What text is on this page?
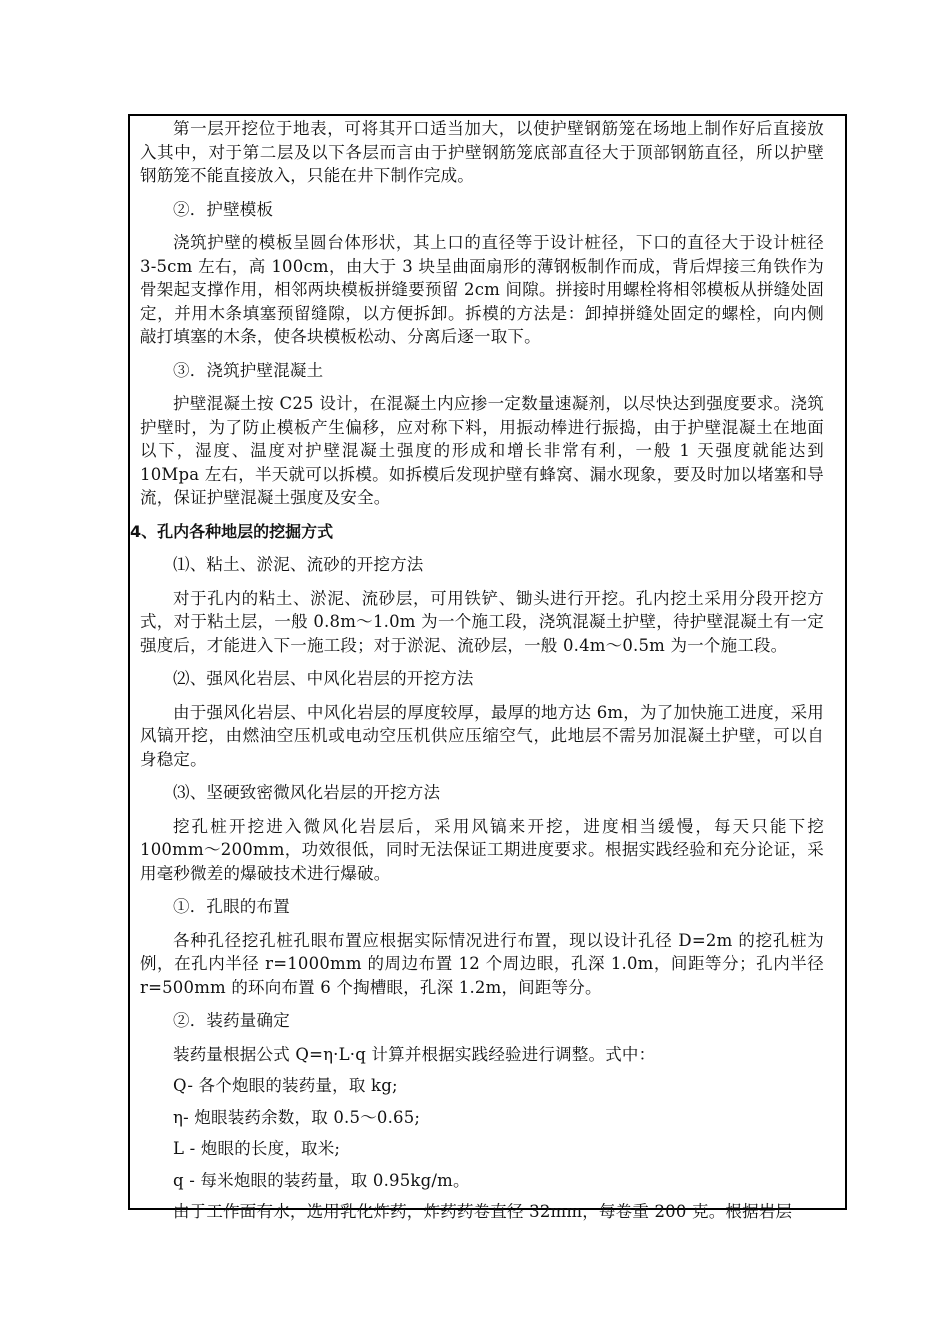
第一层开挖位于地表，可将其开口适当加大，以使护壁钢筋笼在场地上制作好后直接放入其中，对于第二层及以下各层而言由于护壁钢筋笼底部直径大于顶部钢筋直径，所以护壁钢筋笼不能直接放入，只能在井下制作完成。

②．护壁模板

浇筑护壁的模板呈圆台体形状，其上口的直径等于设计桩径，下口的直径大于设计桩径 3-5cm 左右，高 100cm，由大于 3 块呈曲面扇形的薄钢板制作而成，背后焊接三角铁作为骨架起支撑作用，相邻两块模板拼缝要预留 2cm 间隙。拼接时用螺栓将相邻模板从拼缝处固定，并用木条填塞预留缝隙，以方便拆卸。拆模的方法是：卸掉拼缝处固定的螺栓，向内侧敲打填塞的木条，使各块模板松动、分离后逐一取下。

③．浇筑护壁混凝土

护壁混凝土按 C25 设计，在混凝土内应掺一定数量速凝剂，以尽快达到强度要求。浇筑护壁时，为了防止模板产生偏移，应对称下料，用振动棒进行振捣，由于护壁混凝土在地面以下，湿度、温度对护壁混凝土强度的形成和增长非常有利，一般 1 天强度就能达到 10Mpa 左右，半天就可以拆模。如拆模后发现护壁有蜂窝、漏水现象，要及时加以堵塞和导流，保证护壁混凝土强度及安全。

4、孔内各种地层的挖掘方式

⑴、粘土、淤泥、流砂的开挖方法

对于孔内的粘土、淤泥、流砂层，可用铁铲、锄头进行开挖。孔内挖土采用分段开挖方式，对于粘土层，一般 0.8m～1.0m 为一个施工段，浇筑混凝土护壁，待护壁混凝土有一定强度后，才能进入下一施工段；对于淤泥、流砂层，一般 0.4m～0.5m 为一个施工段。

⑵、强风化岩层、中风化岩层的开挖方法

由于强风化岩层、中风化岩层的厚度较厚，最厚的地方达 6m，为了加快施工进度，采用风镐开挖，由燃油空压机或电动空压机供应压缩空气，此地层不需另加混凝土护壁，可以自身稳定。

⑶、坚硬致密微风化岩层的开挖方法

挖孔桩开挖进入微风化岩层后，采用风镐来开挖，进度相当缓慢，每天只能下挖 100mm～200mm，功效很低，同时无法保证工期进度要求。根据实践经验和充分论证，采用毫秒微差的爆破技术进行爆破。

①．孔眼的布置

各种孔径挖孔桩孔眼布置应根据实际情况进行布置，现以设计孔径 D=2m 的挖孔桩为例，在孔内半径 r=1000mm 的周边布置 12 个周边眼，孔深 1.0m，间距等分；孔内半径 r=500mm 的环向布置 6 个掏槽眼，孔深 1.2m，间距等分。

②．装药量确定

装药量根据公式 Q=η·L·q 计算并根据实践经验进行调整。式中：

Q- 各个炮眼的装药量，取 kg;

η- 炮眼装药余数，取 0.5～0.65;

L - 炮眼的长度，取米;

q - 每米炮眼的装药量，取 0.95kg/m。

由于工作面有水，选用乳化炸药，炸药药卷直径 32mm，每卷重 200 克。根据岩层
